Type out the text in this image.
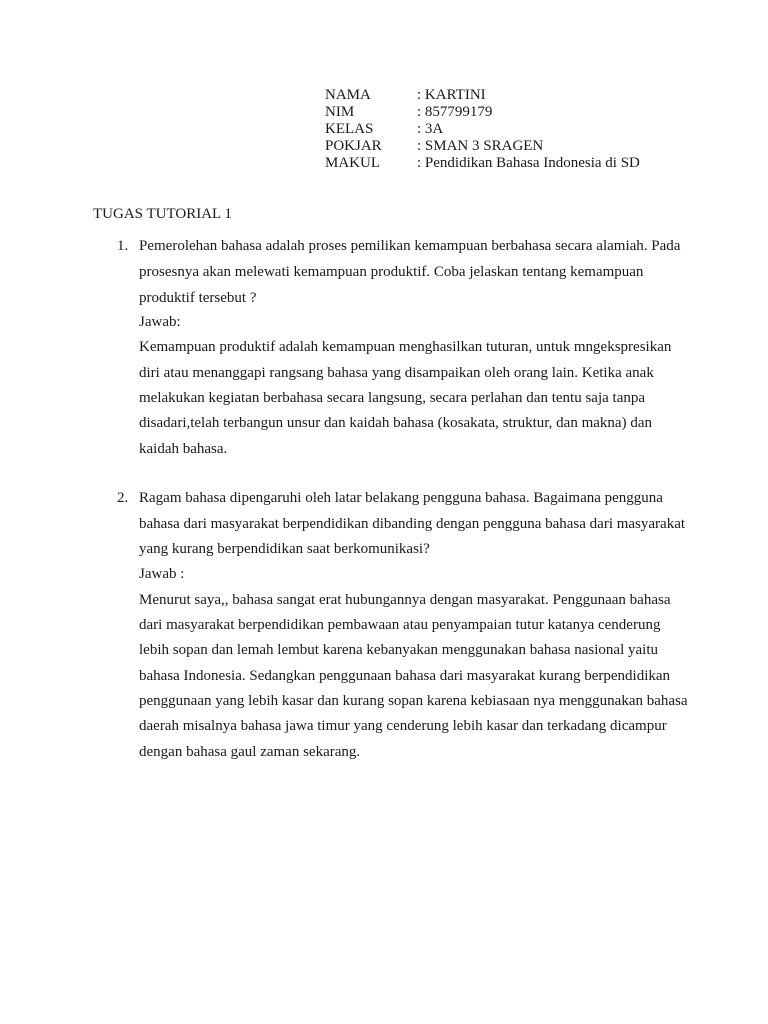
NAMA	: KARTINI
NIM	: 857799179
KELAS	: 3A
POKJAR : SMAN 3 SRAGEN
MAKUL : Pendidikan Bahasa Indonesia di SD
TUGAS TUTORIAL 1
1. Pemerolehan bahasa adalah proses pemilikan kemampuan berbahasa secara alamiah. Pada
prosesnya akan melewati kemampuan produktif. Coba jelaskan tentang kemampuan
produktif tersebut ?
Jawab:
Kemampuan produktif adalah kemampuan menghasilkan tuturan, untuk mngekspresikan
diri atau menanggapi rangsang bahasa yang disampaikan oleh orang lain. Ketika anak
melakukan kegiatan berbahasa secara langsung, secara perlahan dan tentu saja tanpa
disadari,telah terbangun unsur dan kaidah bahasa (kosakata, struktur, dan makna) dan
kaidah bahasa.
2. Ragam bahasa dipengaruhi oleh latar belakang pengguna bahasa. Bagaimana pengguna
bahasa dari masyarakat berpendidikan dibanding dengan pengguna bahasa dari masyarakat
yang kurang berpendidikan saat berkomunikasi?
Jawab :
Menurut saya,, bahasa sangat erat hubungannya dengan masyarakat. Penggunaan bahasa
dari masyarakat berpendidikan pembawaan atau penyampaian tutur katanya cenderung
lebih sopan dan lemah lembut karena kebanyakan menggunakan bahasa nasional yaitu
bahasa Indonesia. Sedangkan penggunaan bahasa dari masyarakat kurang berpendidikan
penggunaan yang lebih kasar dan kurang sopan karena kebiasaan nya menggunakan bahasa
daerah misalnya bahasa jawa timur yang cenderung lebih kasar dan terkadang dicampur
dengan bahasa gaul zaman sekarang.
